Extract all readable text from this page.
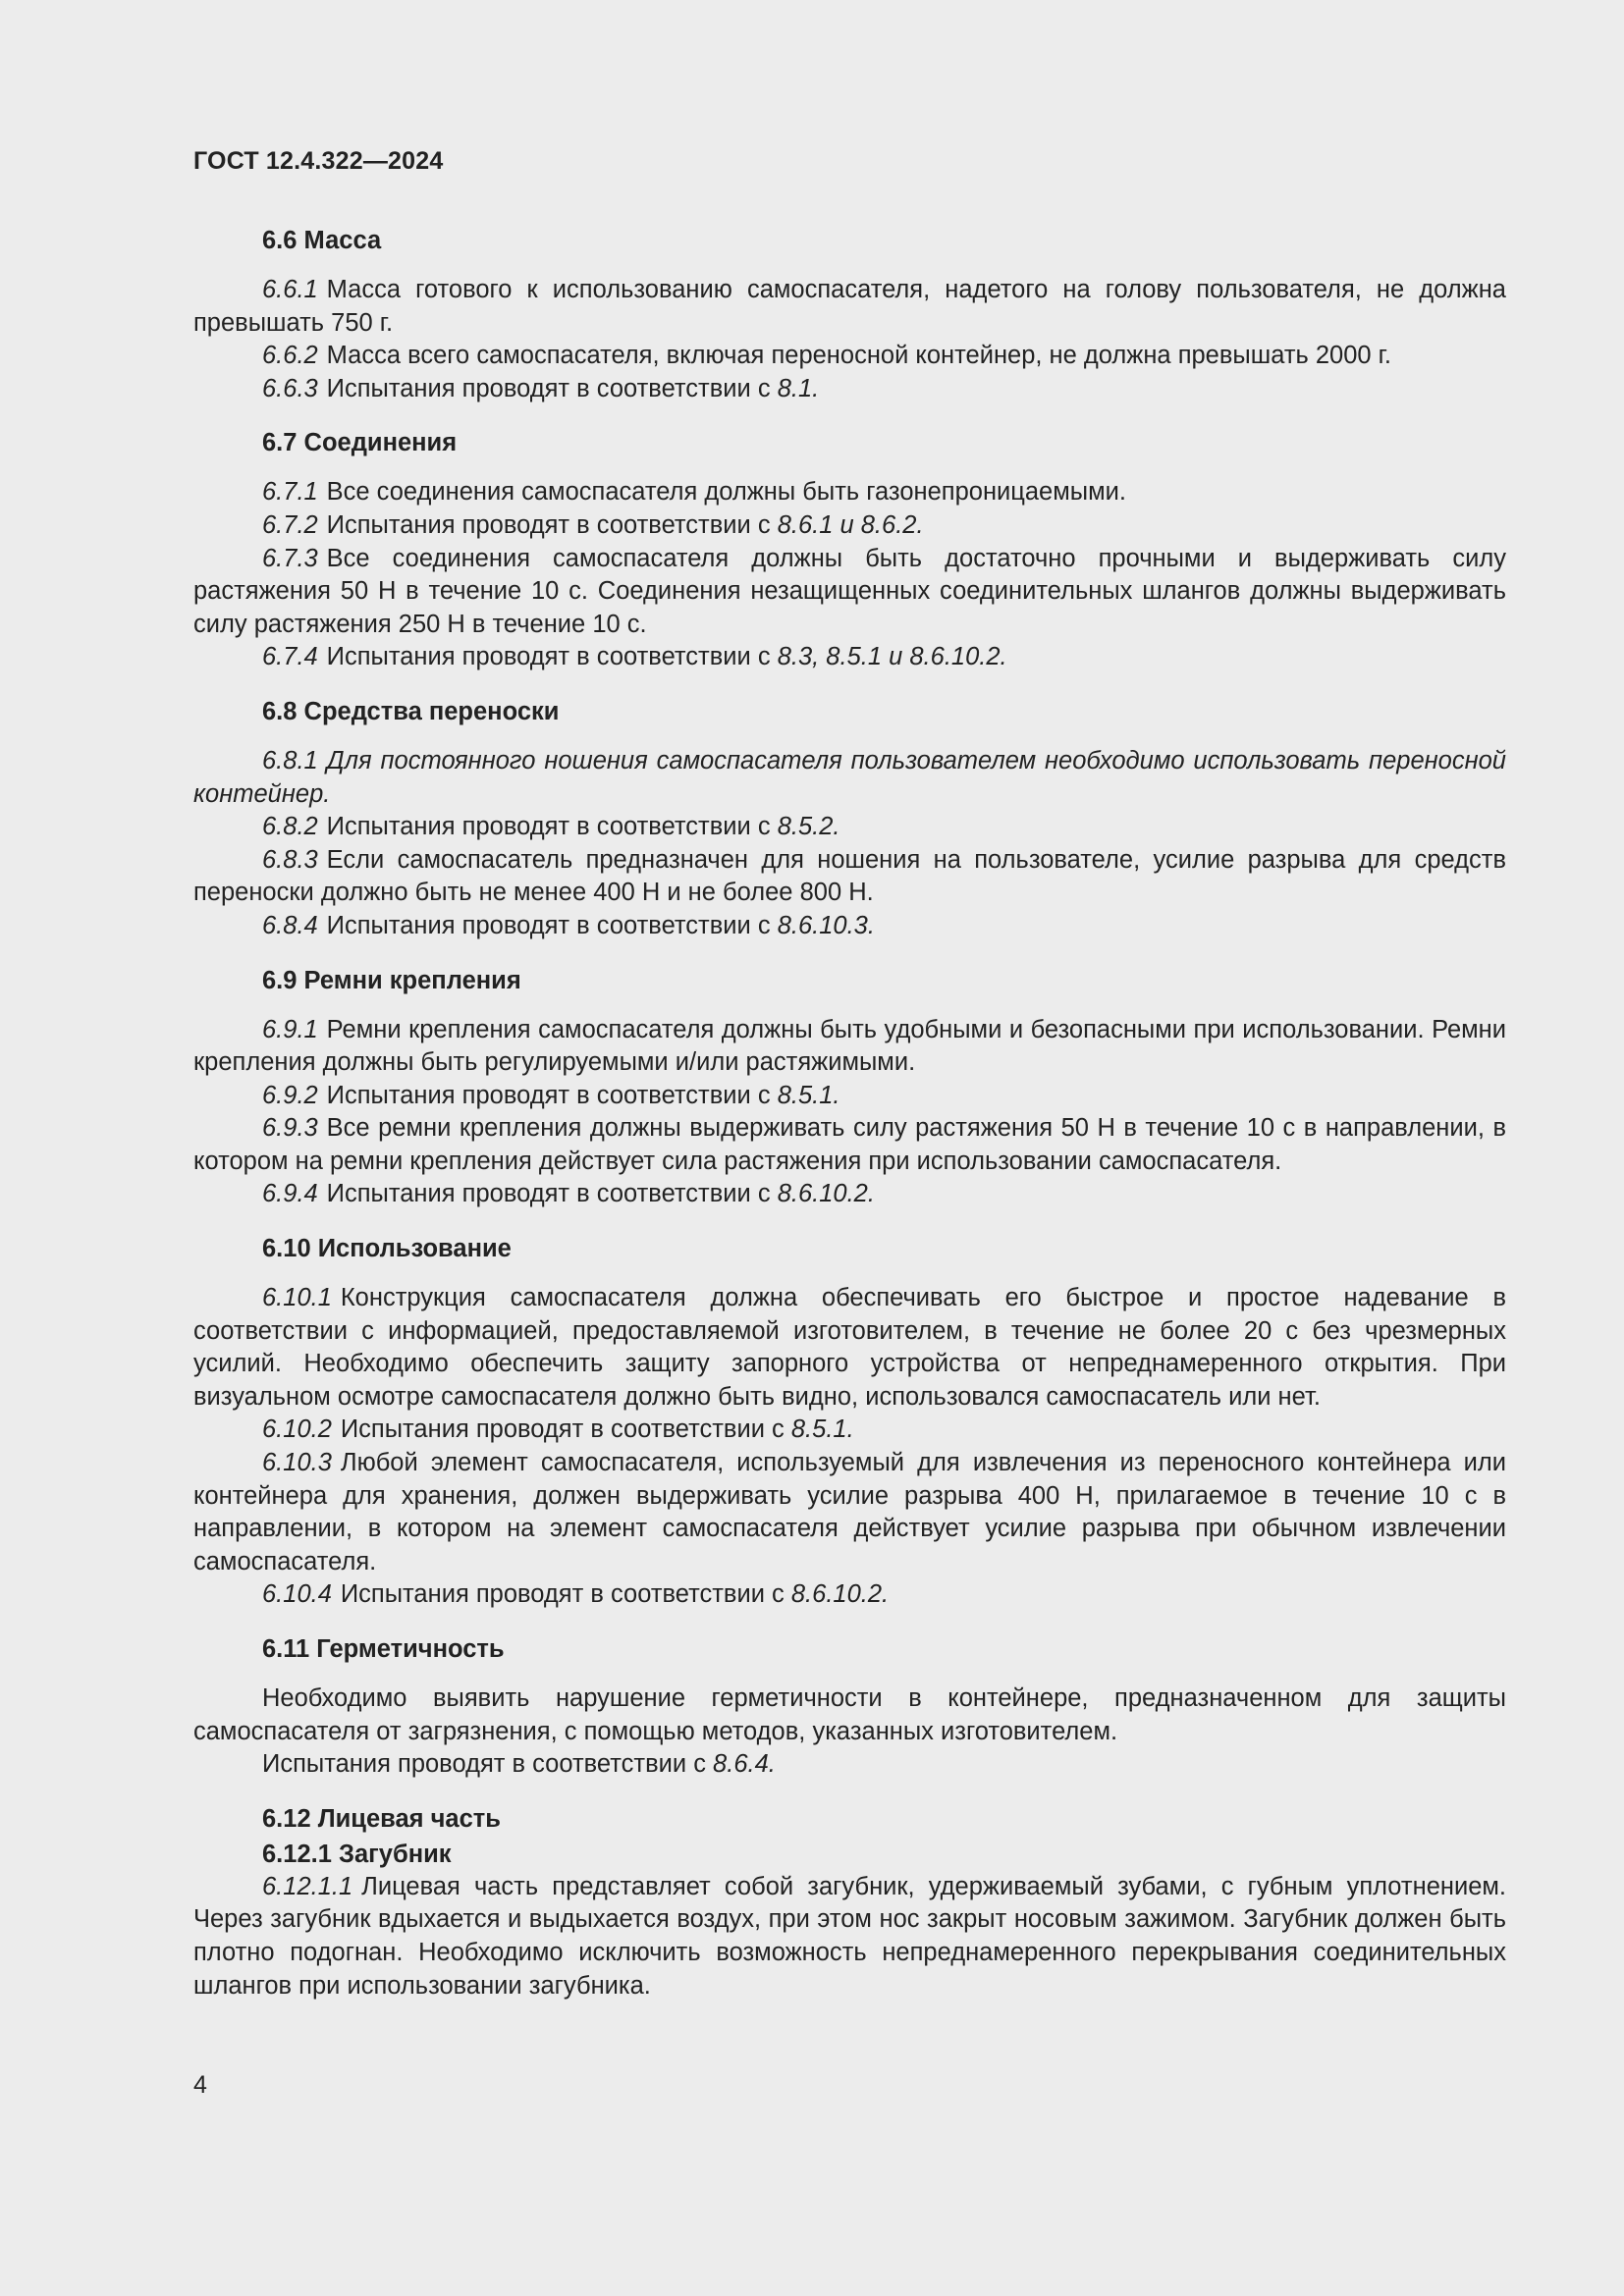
ГОСТ 12.4.322—2024
6.6 Масса

6.6.1 Масса готового к использованию самоспасателя, надетого на голову пользователя, не должна превышать 750 г.

6.6.2 Масса всего самоспасателя, включая переносной контейнер, не должна превышать 2000 г.

6.6.3 Испытания проводят в соответствии с 8.1.

6.7 Соединения

6.7.1 Все соединения самоспасателя должны быть газонепроницаемыми.

6.7.2 Испытания проводят в соответствии с 8.6.1 и 8.6.2.

6.7.3 Все соединения самоспасателя должны быть достаточно прочными и выдерживать силу растяжения 50 Н в течение 10 с. Соединения незащищенных соединительных шлангов должны выдерживать силу растяжения 250 Н в течение 10 с.

6.7.4 Испытания проводят в соответствии с 8.3, 8.5.1 и 8.6.10.2.

6.8 Средства переноски

6.8.1 Для постоянного ношения самоспасателя пользователем необходимо использовать переносной контейнер.

6.8.2 Испытания проводят в соответствии с 8.5.2.

6.8.3 Если самоспасатель предназначен для ношения на пользователе, усилие разрыва для средств переноски должно быть не менее 400 Н и не более 800 Н.

6.8.4 Испытания проводят в соответствии с 8.6.10.3.

6.9 Ремни крепления

6.9.1 Ремни крепления самоспасателя должны быть удобными и безопасными при использовании. Ремни крепления должны быть регулируемыми и/или растяжимыми.

6.9.2 Испытания проводят в соответствии с 8.5.1.

6.9.3 Все ремни крепления должны выдерживать силу растяжения 50 Н в течение 10 с в направлении, в котором на ремни крепления действует сила растяжения при использовании самоспасателя.

6.9.4 Испытания проводят в соответствии с 8.6.10.2.

6.10 Использование

6.10.1 Конструкция самоспасателя должна обеспечивать его быстрое и простое надевание в соответствии с информацией, предоставляемой изготовителем, в течение не более 20 с без чрезмерных усилий. Необходимо обеспечить защиту запорного устройства от непреднамеренного открытия. При визуальном осмотре самоспасателя должно быть видно, использовался самоспасатель или нет.

6.10.2 Испытания проводят в соответствии с 8.5.1.

6.10.3 Любой элемент самоспасателя, используемый для извлечения из переносного контейнера или контейнера для хранения, должен выдерживать усилие разрыва 400 Н, прилагаемое в течение 10 с в направлении, в котором на элемент самоспасателя действует усилие разрыва при обычном извлечении самоспасателя.

6.10.4 Испытания проводят в соответствии с 8.6.10.2.

6.11 Герметичность

Необходимо выявить нарушение герметичности в контейнере, предназначенном для защиты самоспасателя от загрязнения, с помощью методов, указанных изготовителем.

Испытания проводят в соответствии с 8.6.4.

6.12 Лицевая часть
6.12.1 Загубник

6.12.1.1 Лицевая часть представляет собой загубник, удерживаемый зубами, с губным уплотнением. Через загубник вдыхается и выдыхается воздух, при этом нос закрыт носовым зажимом. Загубник должен быть плотно подогнан. Необходимо исключить возможность непреднамеренного перекрывания соединительных шлангов при использовании загубника.

4
